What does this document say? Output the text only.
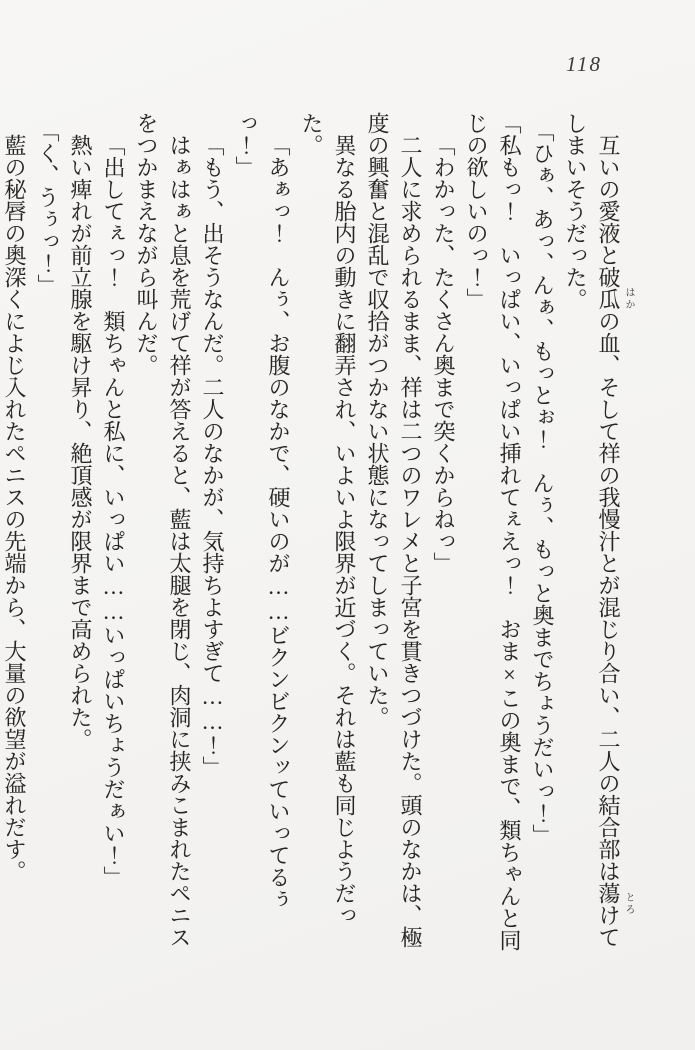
118

互いの愛液と破瓜 はか
の血、そして祥の我慢汁とが混じり合い、二人の結合部は蕩 とろ
けて

しまいそうだった。

「ひぁ、あっ、んぁ、もっとぉ！　んぅ、もっと奥までちょうだいっ！」

「私もっ！　いっぱい、いっぱい挿れてぇえっ！　おま×この奥まで、類ちゃんと同

じの欲しいのっ！」

「わかった、たくさん奥まで突くからねっ」

二人に求められるまま、祥は二つのワレメと子宮を貫きつづけた。頭のなかは、極

度の興奮と混乱で収拾がつかない状態になってしまっていた。

異なる胎内の動きに翻弄され、いよいよ限界が近づく。それは藍も同じようだった。

「あぁっ！　んぅ、お腹のなかで、硬いのが……ビクンビクンッていってるぅっ！」

「もう、出そうなんだ。二人のなかが、気持ちよすぎて……！」

はぁはぁと息を荒げて祥が答えると、藍は太腿を閉じ、肉洞に挟みこまれたペニス

をつかまえながら叫んだ。

「出してぇっ！　類ちゃんと私に、いっぱい……いっぱいちょうだぁい！」

熱い痺れが前立腺を駆け昇り、絶頂感が限界まで高められた。

「く、うぅっ！」

藍の秘唇の奥深くによじ入れたペニスの先端から、大量の欲望が溢れだす。
